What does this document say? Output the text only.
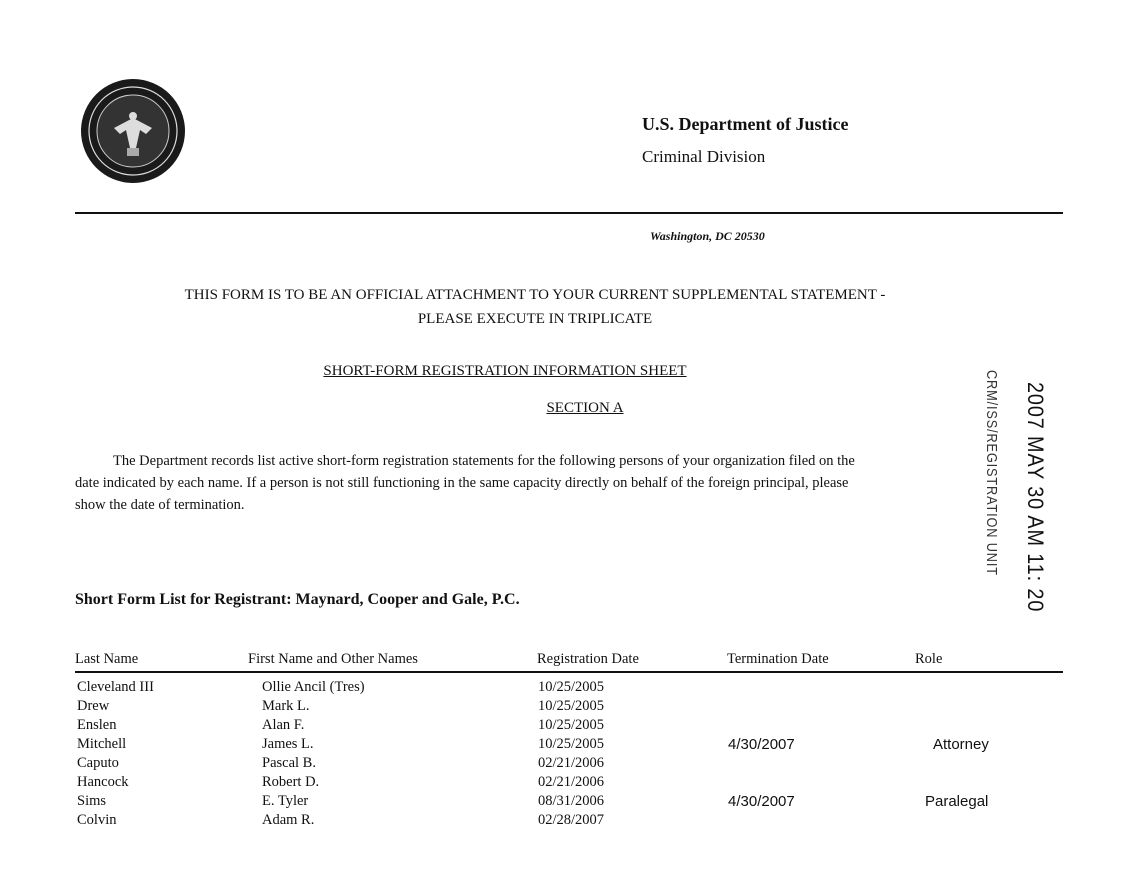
U.S. Department of Justice
Criminal Division
Washington, DC 20530
THIS FORM IS TO BE AN OFFICIAL ATTACHMENT TO YOUR CURRENT SUPPLEMENTAL STATEMENT -
PLEASE EXECUTE IN TRIPLICATE
SHORT-FORM REGISTRATION INFORMATION SHEET
SECTION A
The Department records list active short-form registration statements for the following persons of your organization filed on the date indicated by each name. If a person is not still functioning in the same capacity directly on behalf of the foreign principal, please show the date of termination.	2007 MAY 30 AM 11: 20
CRM/ISS/REGISTRATION UNIT
Short Form List for Registrant: Maynard, Cooper and Gale, P.C.
Last Name	First Name and Other Names	Registration Date	Termination Date	Role
Cleveland III	Ollie Ancil (Tres)	10/25/2005
Drew	Mark L.	10/25/2005
Enslen	Alan F.	10/25/2005
Mitchell	James L.	10/25/2005	4/30/2007	Attorney
Caputo	Pascal B.	02/21/2006
Hancock	Robert D.	02/21/2006
Sims	E. Tyler	08/31/2006	4/30/2007	Paralegal
Colvin	Adam R.	02/28/2007
